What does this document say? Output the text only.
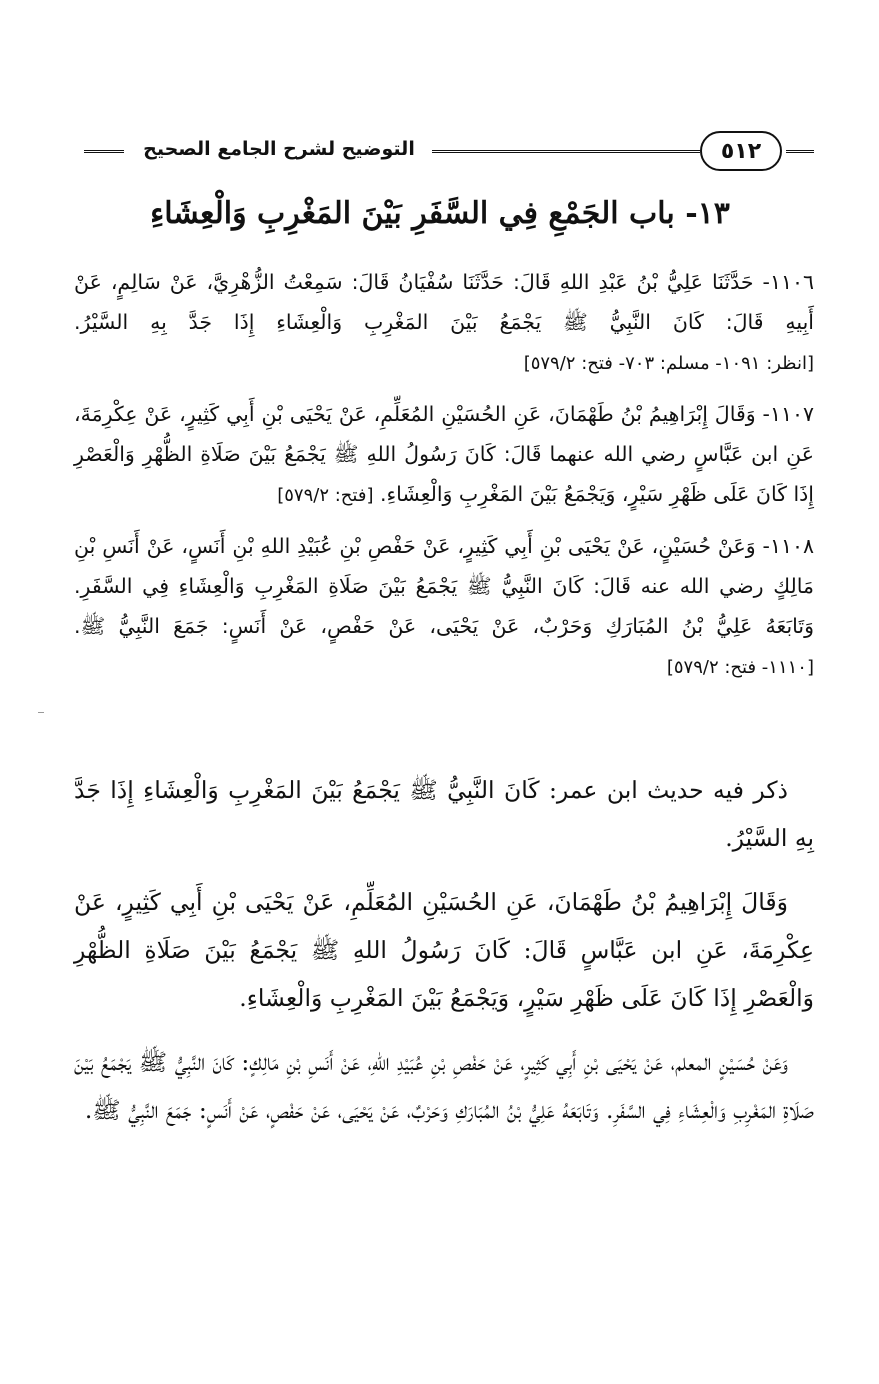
التوضيح لشرح الجامع الصحيح	٥١٢
١٣- باب الجَمْعِ فِي السَّفَرِ بَيْنَ المَغْرِبِ وَالْعِشَاءِ

١١٠٦- حَدَّثَنَا عَلِيُّ بْنُ عَبْدِ اللهِ قَالَ: حَدَّثَنَا سُفْيَانُ قَالَ: سَمِعْتُ الزُّهْرِيَّ، عَنْ سَالِمٍ، عَنْ أَبِيهِ قَالَ: كَانَ النَّبِيُّ ﷺ يَجْمَعُ بَيْنَ المَغْرِبِ وَالْعِشَاءِ إِذَا جَدَّ بِهِ السَّيْرُ. [انظر: ١٠٩١- مسلم: ٧٠٣- فتح: ٥٧٩/٢]

١١٠٧- وَقَالَ إِبْرَاهِيمُ بْنُ طَهْمَانَ، عَنِ الحُسَيْنِ المُعَلِّمِ، عَنْ يَحْيَى بْنِ أَبِي كَثِيرٍ، عَنْ عِكْرِمَةَ، عَنِ ابن عَبَّاسٍ رضي الله عنهما قَالَ: كَانَ رَسُولُ اللهِ ﷺ يَجْمَعُ بَيْنَ صَلَاةِ الظُّهْرِ وَالْعَصْرِ إِذَا كَانَ عَلَى ظَهْرِ سَيْرٍ، وَيَجْمَعُ بَيْنَ المَغْرِبِ وَالْعِشَاءِ. [فتح: ٥٧٩/٢]

١١٠٨- وَعَنْ حُسَيْنٍ، عَنْ يَحْيَى بْنِ أَبِي كَثِيرٍ، عَنْ حَفْصِ بْنِ عُبَيْدِ اللهِ بْنِ أَنَسٍ، عَنْ أَنَسِ بْنِ مَالِكٍ رضي الله عنه قَالَ: كَانَ النَّبِيُّ ﷺ يَجْمَعُ بَيْنَ صَلَاةِ المَغْرِبِ وَالْعِشَاءِ فِي السَّفَرِ. وَتَابَعَهُ عَلِيُّ بْنُ المُبَارَكِ وَحَرْبٌ، عَنْ يَحْيَى، عَنْ حَفْصٍ، عَنْ أَنَسٍ: جَمَعَ النَّبِيُّ ﷺ. [١١١٠- فتح: ٥٧٩/٢]

ذكر فيه حديث ابن عمر: كَانَ النَّبِيُّ ﷺ يَجْمَعُ بَيْنَ المَغْرِبِ وَالْعِشَاءِ إِذَا جَدَّ بِهِ السَّيْرُ.

وَقَالَ إِبْرَاهِيمُ بْنُ طَهْمَانَ، عَنِ الحُسَيْنِ المُعَلِّمِ، عَنْ يَحْيَى بْنِ أَبِي كَثِيرٍ، عَنْ عِكْرِمَةَ، عَنِ ابن عَبَّاسٍ قَالَ: كَانَ رَسُولُ اللهِ ﷺ يَجْمَعُ بَيْنَ صَلَاةِ الظُّهْرِ وَالْعَصْرِ إِذَا كَانَ عَلَى ظَهْرِ سَيْرٍ، وَيَجْمَعُ بَيْنَ المَغْرِبِ وَالْعِشَاءِ.

وَعَنْ حُسَيْنٍ المعلم، عَنْ يَحْيَى بْنِ أَبِي كَثِيرٍ، عَنْ حَفْصِ بْنِ عُبَيْدِ اللهِ، عَنْ أَنَسِ بْنِ مَالِكٍ: كَانَ النَّبِيُّ ﷺ يَجْمَعُ بَيْنَ صَلَاةِ المَغْرِبِ وَالْعِشَاءِ فِي السَّفَرِ. وَتَابَعَهُ عَلِيُّ بْنُ المُبَارَكِ وَحَرْبٌ، عَنْ يَحْيَى، عَنْ حَفْصٍ، عَنْ أَنَسٍ: جَمَعَ النَّبِيُّ ﷺ.
